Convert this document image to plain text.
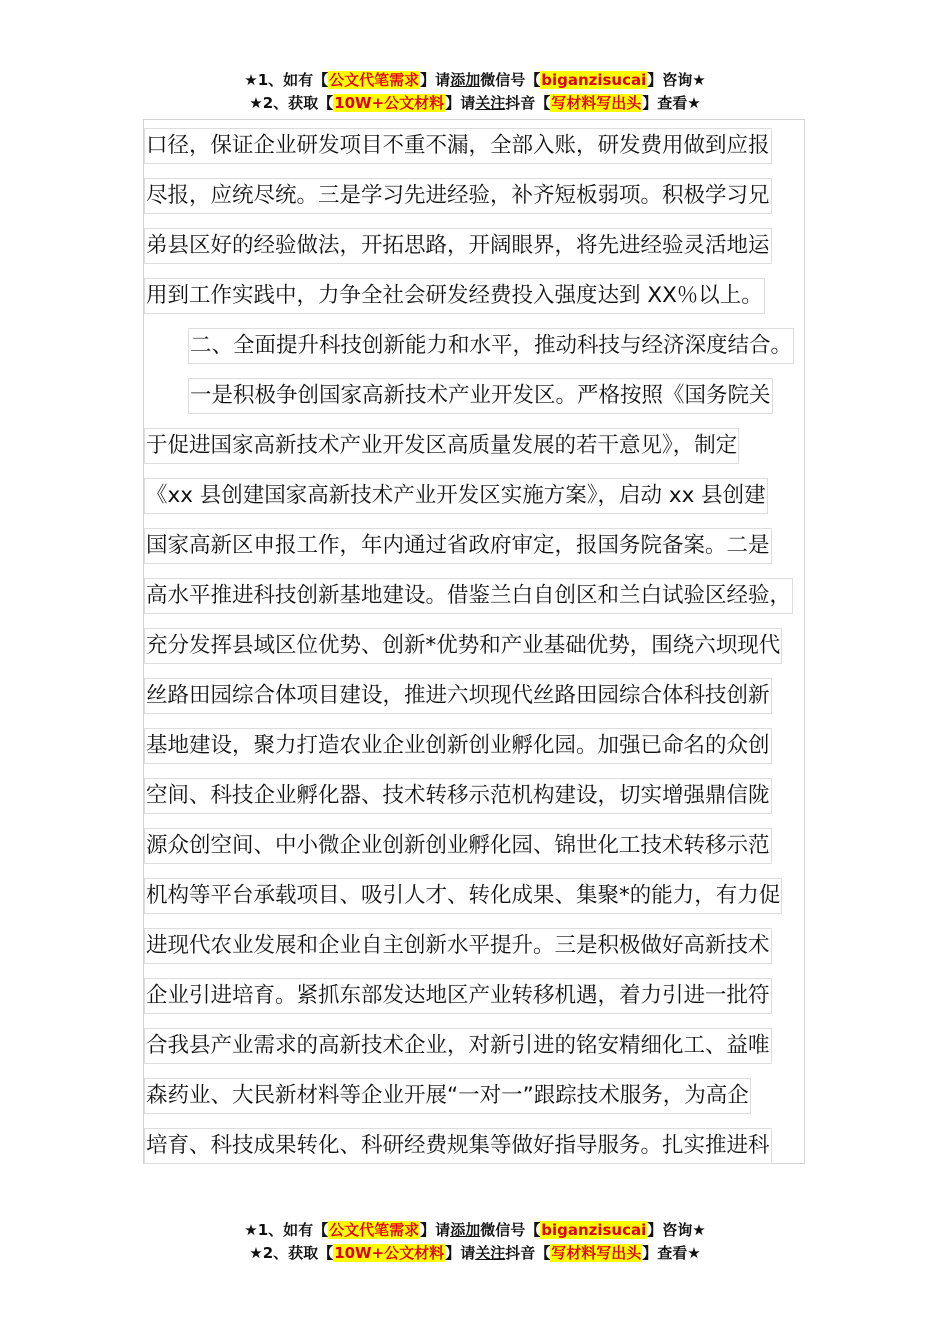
★1、如有【公文代笔需求】请添加微信号【biganzisucai】咨询★
★2、获取【10W+公文材料】请关注抖音【写材料写出头】查看★
口径，保证企业研发项目不重不漏，全部入账，研发费用做到应报
尽报，应统尽统。三是学习先进经验，补齐短板弱项。积极学习兄
弟县区好的经验做法，开拓思路，开阔眼界，将先进经验灵活地运
用到工作实践中，力争全社会研发经费投入强度达到 XX％以上。
二、全面提升科技创新能力和水平，推动科技与经济深度结合。
一是积极争创国家高新技术产业开发区。严格按照《国务院关
于促进国家高新技术产业开发区高质量发展的若干意见》，制定
《xx 县创建国家高新技术产业开发区实施方案》，启动 xx 县创建
国家高新区申报工作，年内通过省政府审定，报国务院备案。二是
高水平推进科技创新基地建设。借鉴兰白自创区和兰白试验区经验，
充分发挥县域区位优势、创新*优势和产业基础优势，围绕六坝现代
丝路田园综合体项目建设，推进六坝现代丝路田园综合体科技创新
基地建设，聚力打造农业企业创新创业孵化园。加强已命名的众创
空间、科技企业孵化器、技术转移示范机构建设，切实增强鼎信陇
源众创空间、中小微企业创新创业孵化园、锦世化工技术转移示范
机构等平台承载项目、吸引人才、转化成果、集聚*的能力，有力促
进现代农业发展和企业自主创新水平提升。三是积极做好高新技术
企业引进培育。紧抓东部发达地区产业转移机遇，着力引进一批符
合我县产业需求的高新技术企业，对新引进的铭安精细化工、益唯
森药业、大民新材料等企业开展“一对一”跟踪技术服务，为高企
培育、科技成果转化、科研经费规集等做好指导服务。扎实推进科
★1、如有【公文代笔需求】请添加微信号【biganzisucai】咨询★
★2、获取【10W+公文材料】请关注抖音【写材料写出头】查看★
